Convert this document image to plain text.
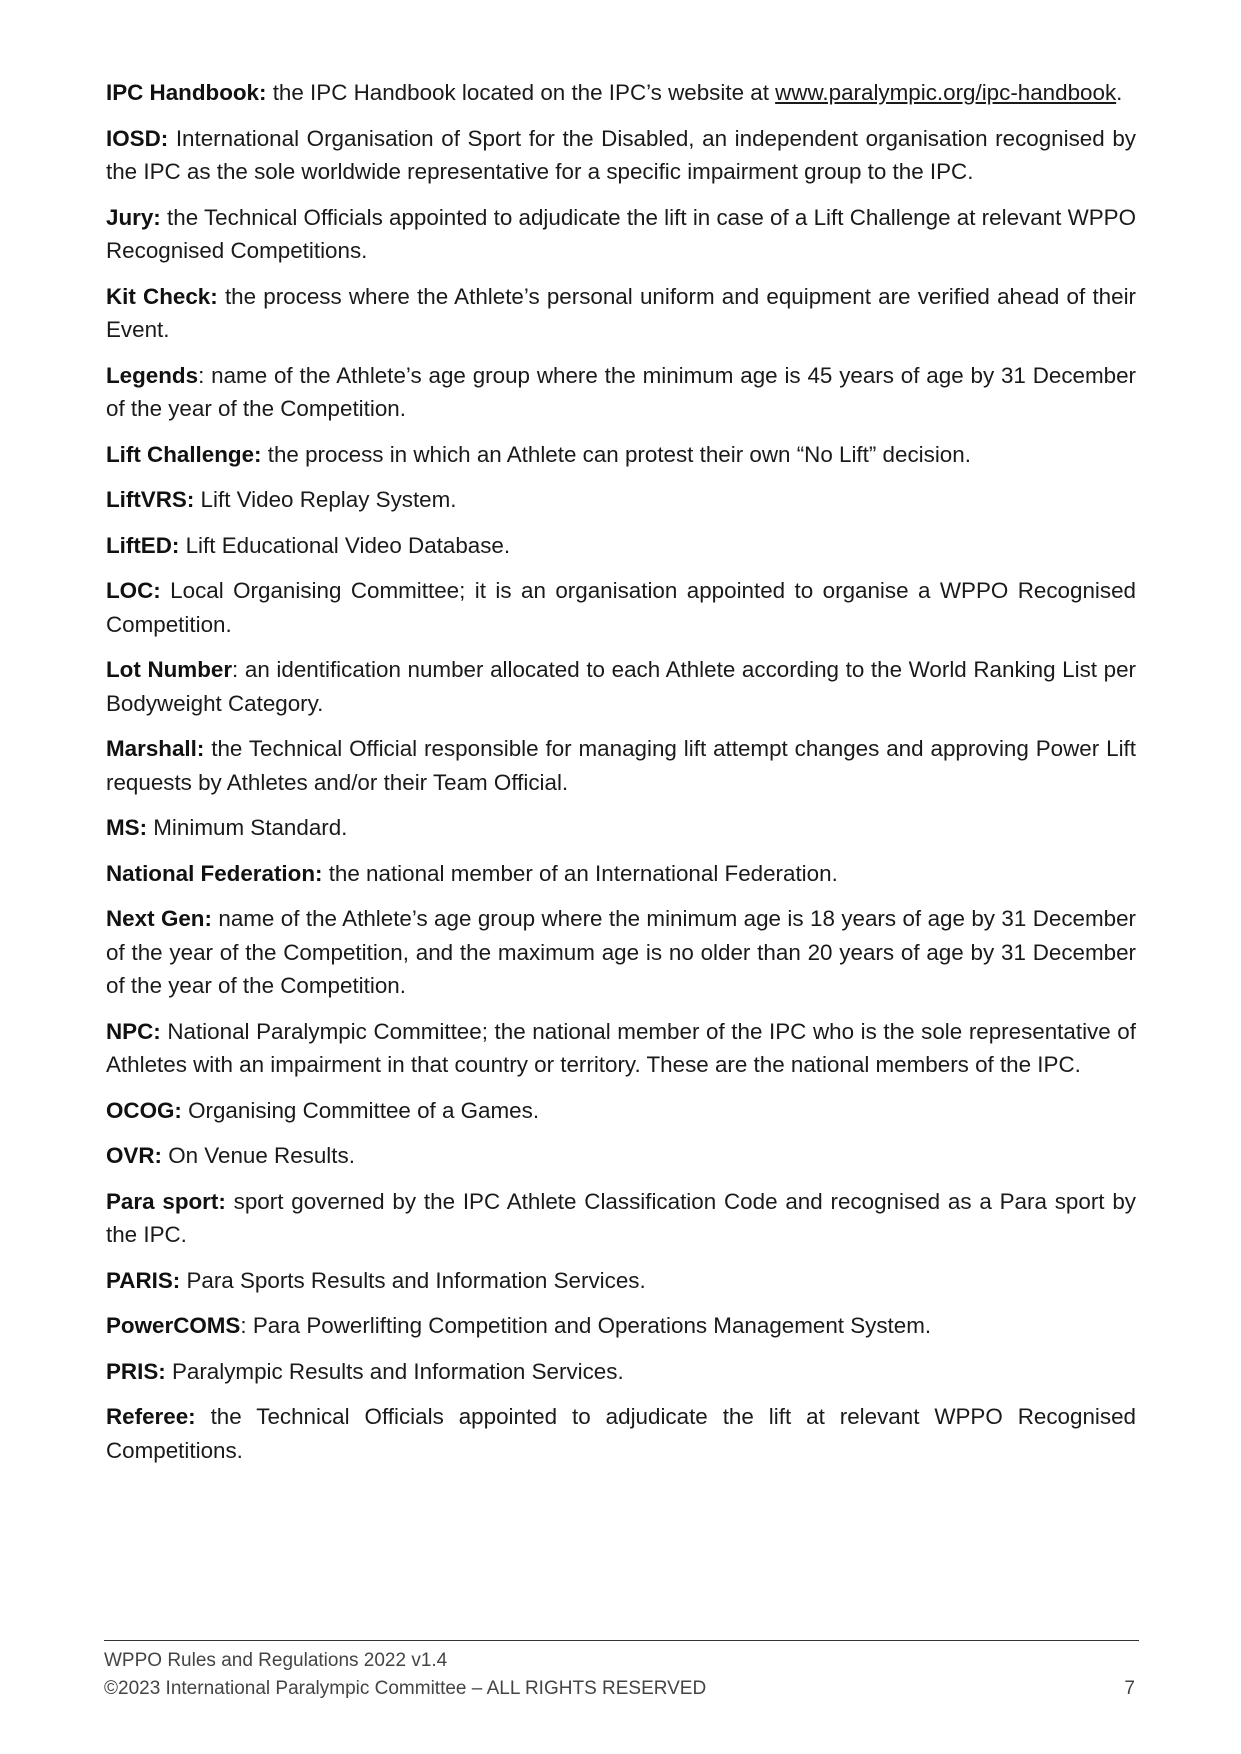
IPC Handbook: the IPC Handbook located on the IPC’s website at www.paralympic.org/ipc-handbook.

IOSD: International Organisation of Sport for the Disabled, an independent organisation recognised by the IPC as the sole worldwide representative for a specific impairment group to the IPC.

Jury: the Technical Officials appointed to adjudicate the lift in case of a Lift Challenge at relevant WPPO Recognised Competitions.

Kit Check: the process where the Athlete’s personal uniform and equipment are verified ahead of their Event.

Legends: name of the Athlete’s age group where the minimum age is 45 years of age by 31 December of the year of the Competition.

Lift Challenge: the process in which an Athlete can protest their own “No Lift” decision.

LiftVRS: Lift Video Replay System.

LiftED: Lift Educational Video Database.

LOC: Local Organising Committee; it is an organisation appointed to organise a WPPO Recognised Competition.

Lot Number: an identification number allocated to each Athlete according to the World Ranking List per Bodyweight Category.

Marshall: the Technical Official responsible for managing lift attempt changes and approving Power Lift requests by Athletes and/or their Team Official.

MS: Minimum Standard.

National Federation: the national member of an International Federation.

Next Gen: name of the Athlete’s age group where the minimum age is 18 years of age by 31 December of the year of the Competition, and the maximum age is no older than 20 years of age by 31 December of the year of the Competition.

NPC: National Paralympic Committee; the national member of the IPC who is the sole representative of Athletes with an impairment in that country or territory. These are the national members of the IPC.

OCOG: Organising Committee of a Games.

OVR: On Venue Results.

Para sport: sport governed by the IPC Athlete Classification Code and recognised as a Para sport by the IPC.

PARIS: Para Sports Results and Information Services.

PowerCOMS: Para Powerlifting Competition and Operations Management System.

PRIS: Paralympic Results and Information Services.

Referee: the Technical Officials appointed to adjudicate the lift at relevant WPPO Recognised Competitions.

WPPO Rules and Regulations 2022 v1.4
©2023 International Paralympic Committee – ALL RIGHTS RESERVED	7
